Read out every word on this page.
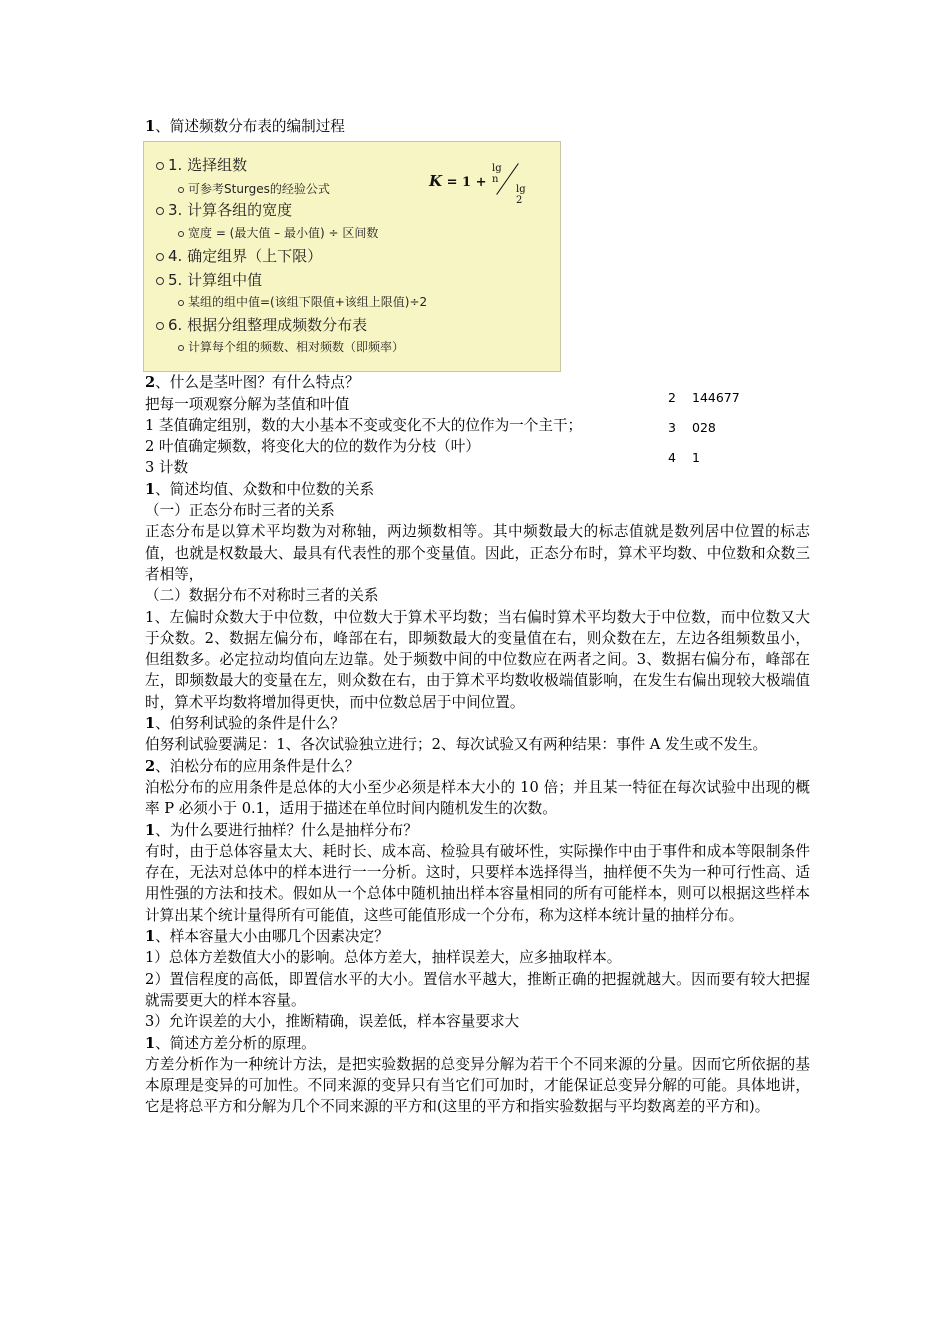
1、简述频数分布表的编制过程
1. 选择组数
可参考Sturges的经验公式
3. 计算各组的宽度
宽度 = (最大值 – 最小值) ÷ 区间数
4. 确定组界（上下限）
5. 计算组中值
某组的组中值=(该组下限值+该组上限值)÷2
6. 根据分组整理成频数分布表
计算每个组的频数、相对频数（即频率）
K = 1 +
lg n
lg 2
2、什么是茎叶图？有什么特点？
把每一项观察分解为茎值和叶值
1 茎值确定组别，数的大小基本不变或变化不大的位作为一个主干；
2 叶值确定频数，将变化大的位的数作为分枝（叶）
3 计数
1、简述均值、众数和中位数的关系
（一）正态分布时三者的关系

正态分布是以算术平均数为对称轴，两边频数相等。其中频数最大的标志值就是数列居中位置的标志值，也就是权数最大、最具有代表性的那个变量值。因此，正态分布时，算术平均数、中位数和众数三者相等，

（二）数据分布不对称时三者的关系

1、左偏时众数大于中位数，中位数大于算术平均数；当右偏时算术平均数大于中位数，而中位数又大于众数。2、数据左偏分布，峰部在右，即频数最大的变量值在右，则众数在左，左边各组频数虽小，但组数多。必定拉动均值向左边靠。处于频数中间的中位数应在两者之间。3、数据右偏分布，峰部在左，即频数最大的变量在左，则众数在右，由于算术平均数收极端值影响，在发生右偏出现较大极端值时，算术平均数将增加得更快，而中位数总居于中间位置。

1、伯努利试验的条件是什么？

伯努利试验要满足：1、各次试验独立进行；2、每次试验又有两种结果：事件 A 发生或不发生。

2、泊松分布的应用条件是什么？

泊松分布的应用条件是总体的大小至少必须是样本大小的 10 倍；并且某一特征在每次试验中出现的概率 P 必须小于 0.1，适用于描述在单位时间内随机发生的次数。

1、为什么要进行抽样？什么是抽样分布？

有时，由于总体容量太大、耗时长、成本高、检验具有破坏性，实际操作中由于事件和成本等限制条件存在，无法对总体中的样本进行一一分析。这时，只要样本选择得当，抽样便不失为一种可行性高、适用性强的方法和技术。假如从一个总体中随机抽出样本容量相同的所有可能样本，则可以根据这些样本计算出某个统计量得所有可能值，这些可能值形成一个分布，称为这样本统计量的抽样分布。

1、样本容量大小由哪几个因素决定？
1）总体方差数值大小的影响。总体方差大，抽样误差大，应多抽取样本。

2）置信程度的高低，即置信水平的大小。置信水平越大，推断正确的把握就越大。因而要有较大把握就需要更大的样本容量。

3）允许误差的大小，推断精确，误差低，样本容量要求大
1、简述方差分析的原理。

方差分析作为一种统计方法，是把实验数据的总变异分解为若干个不同来源的分量。因而它所依据的基本原理是变异的可加性。不同来源的变异只有当它们可加时，才能保证总变异分解的可能。具体地讲，它是将总平方和分解为几个不同来源的平方和(这里的平方和指实验数据与平均数离差的平方和)。

2 144677
3 028
4 1
